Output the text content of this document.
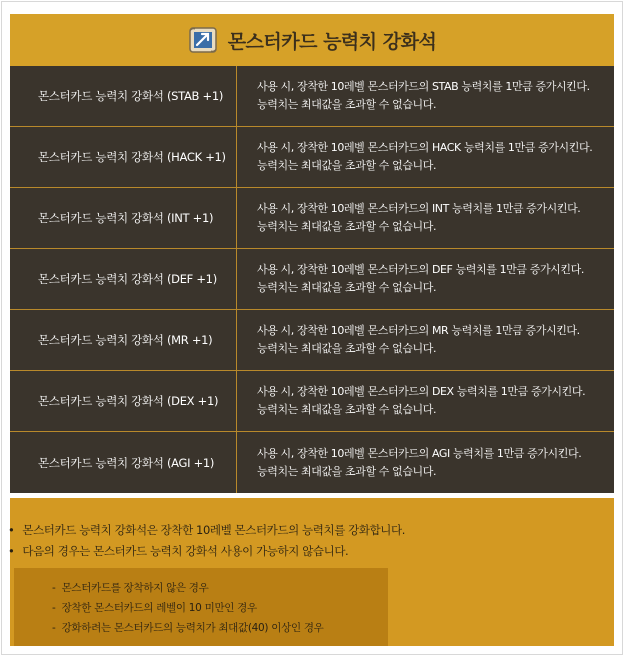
몬스터카드 능력치 강화석
몬스터카드 능력치 강화석 (STAB +1)
사용 시, 장착한 10레벨 몬스터카드의 STAB 능력치를 1만큼 증가시킨다.
능력치는 최대값을 초과할 수 없습니다.
몬스터카드 능력치 강화석 (HACK +1)
사용 시, 장착한 10레벨 몬스터카드의 HACK 능력치를 1만큼 증가시킨다.
능력치는 최대값을 초과할 수 없습니다.
몬스터카드 능력치 강화석 (INT +1)
사용 시, 장착한 10레벨 몬스터카드의 INT 능력치를 1만큼 증가시킨다.
능력치는 최대값을 초과할 수 없습니다.
몬스터카드 능력치 강화석 (DEF +1)
사용 시, 장착한 10레벨 몬스터카드의 DEF 능력치를 1만큼 증가시킨다.
능력치는 최대값을 초과할 수 없습니다.
몬스터카드 능력치 강화석 (MR +1)
사용 시, 장착한 10레벨 몬스터카드의 MR 능력치를 1만큼 증가시킨다.
능력치는 최대값을 초과할 수 없습니다.
몬스터카드 능력치 강화석 (DEX +1)
사용 시, 장착한 10레벨 몬스터카드의 DEX 능력치를 1만큼 증가시킨다.
능력치는 최대값을 초과할 수 없습니다.
몬스터카드 능력치 강화석 (AGI +1)
사용 시, 장착한 10레벨 몬스터카드의 AGI 능력치를 1만큼 증가시킨다.
능력치는 최대값을 초과할 수 없습니다.
• 몬스터카드 능력치 강화석은 장착한 10레벨 몬스터카드의 능력치를 강화합니다.
• 다음의 경우는 몬스터카드 능력치 강화석 사용이 가능하지 않습니다.
- 몬스터카드를 장착하지 않은 경우
- 장착한 몬스터카드의 레벨이 10 미만인 경우
- 강화하려는 몬스터카드의 능력치가 최대값(40) 이상인 경우
